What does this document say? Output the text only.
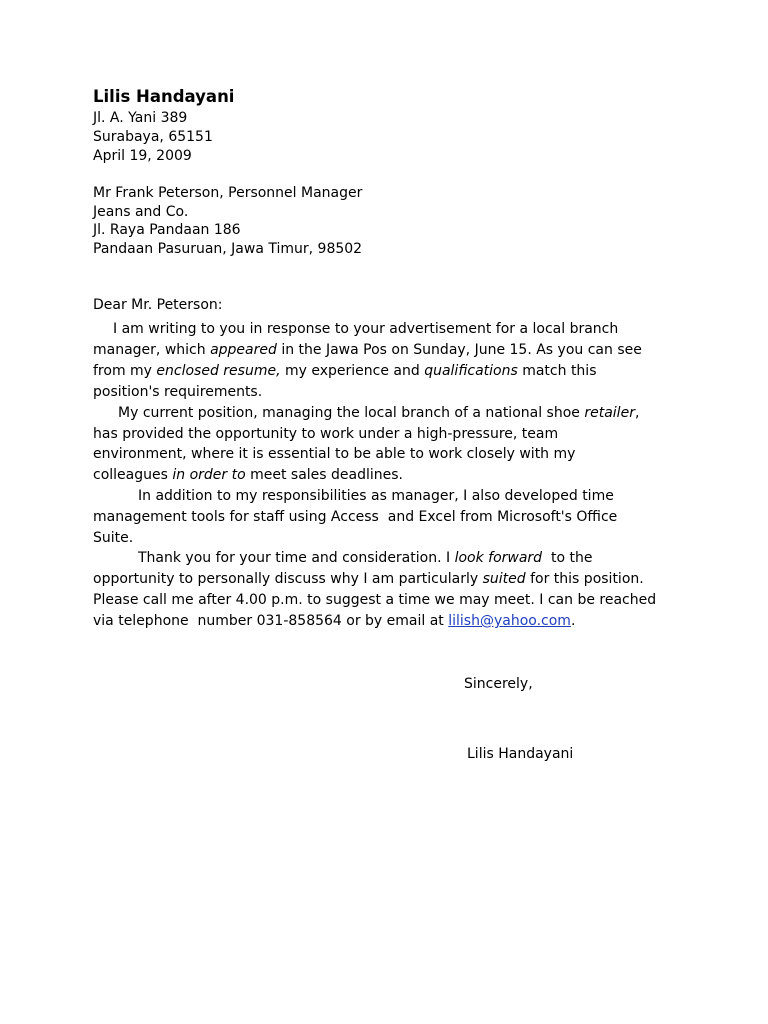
Lilis Handayani
Jl. A. Yani 389
Surabaya, 65151
April 19, 2009
Mr Frank Peterson, Personnel Manager
Jeans and Co.
Jl. Raya Pandaan 186
Pandaan Pasuruan, Jawa Timur, 98502
Dear Mr. Peterson:
I am writing to you in response to your advertisement for a local branch
manager, which appeared in the Jawa Pos on Sunday, June 15. As you can see
from my enclosed resume, my experience and qualifications match this
position's requirements.
My current position, managing the local branch of a national shoe retailer,
has provided the opportunity to work under a high-pressure, team
environment, where it is essential to be able to work closely with my
colleagues in order to meet sales deadlines.
In addition to my responsibilities as manager, I also developed time
management tools for staff using Access  and Excel from Microsoft's Office
Suite.
Thank you for your time and consideration. I look forward  to the
opportunity to personally discuss why I am particularly suited for this position.
Please call me after 4.00 p.m. to suggest a time we may meet. I can be reached
via telephone  number 031-858564 or by email at lilish@yahoo.com.
Sincerely,
Lilis Handayani
